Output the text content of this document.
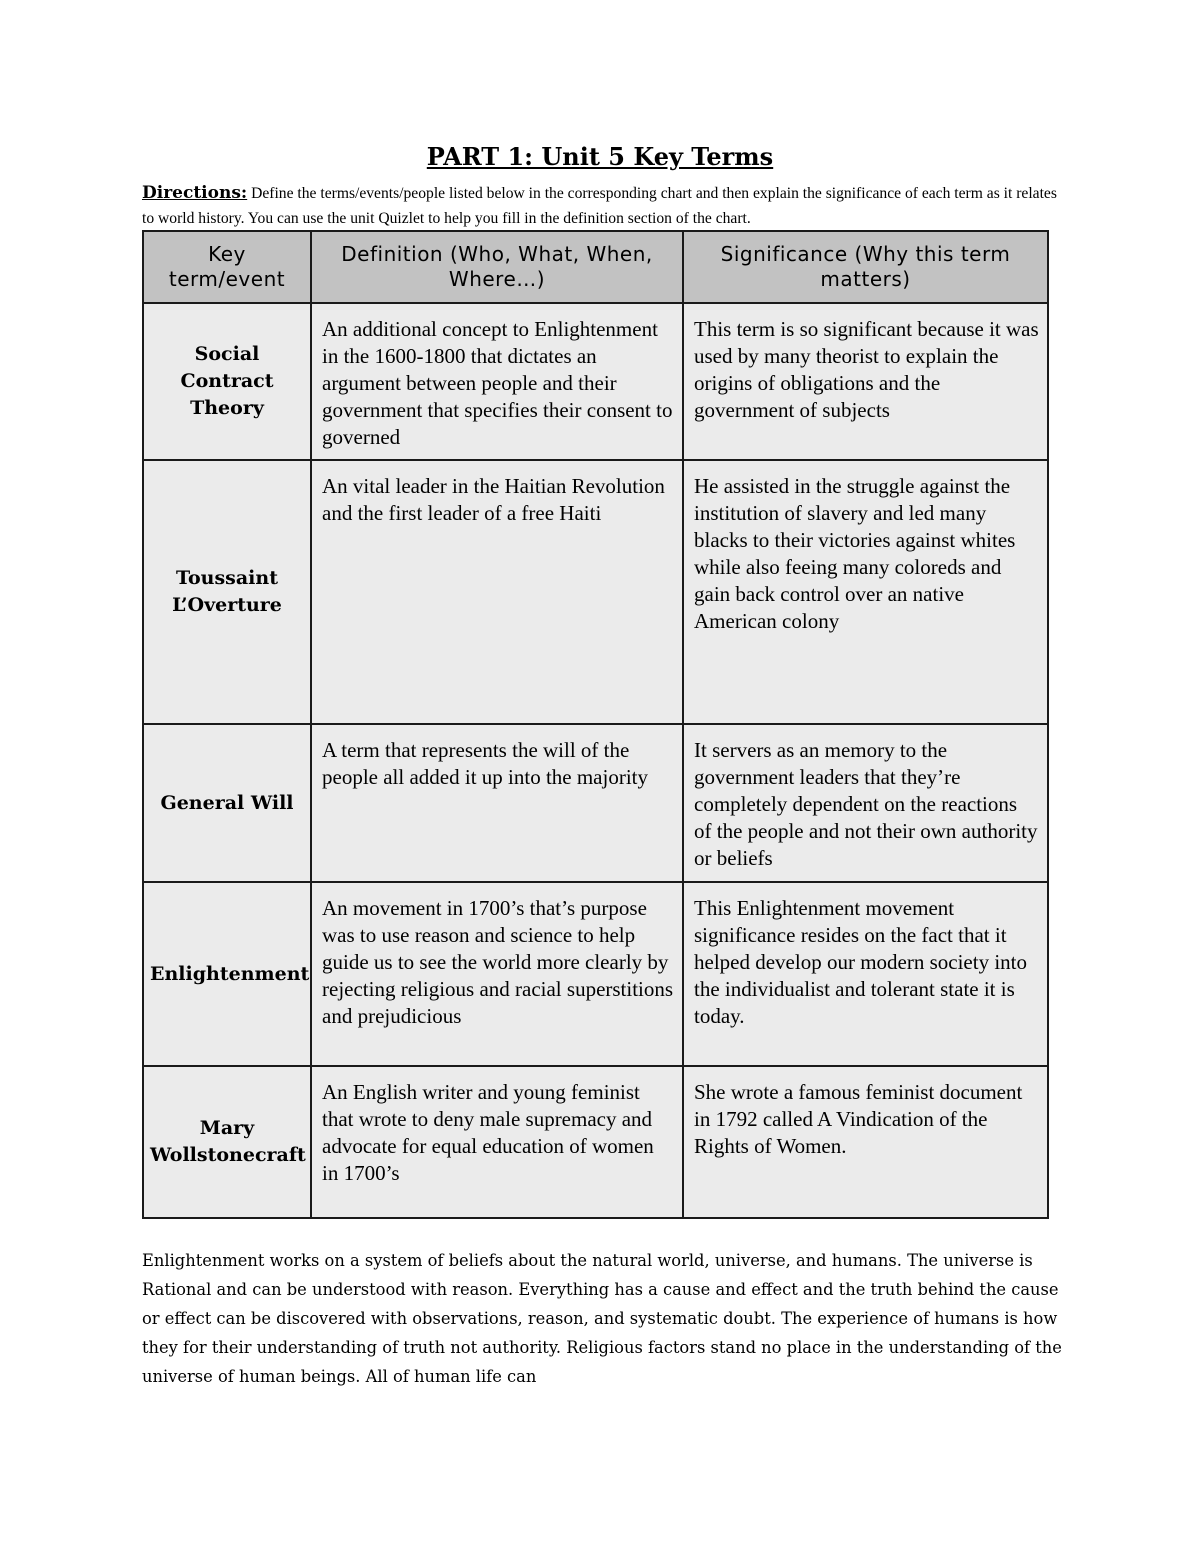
PART 1: Unit 5 Key Terms
Directions: Define the terms/events/people listed below in the corresponding chart and then explain the significance of each term as it relates to world history. You can use the unit Quizlet to help you fill in the definition section of the chart.
Key term/event	Definition (Who, What, When, Where…)	Significance (Why this term matters)
Social Contract Theory	An additional concept to Enlightenment in the 1600-1800 that dictates an argument between people and their government that specifies their consent to governed	This term is so significant because it was used by many theorist to explain the origins of obligations and the government of subjects
Toussaint L’Overture	An vital leader in the Haitian Revolution and the first leader of a free Haiti	He assisted in the struggle against the institution of slavery and led many blacks to their victories against whites while also feeing many coloreds and gain back control over an native American colony
General Will	A term that represents the will of the people all added it up into the majority	It servers as an memory to the government leaders that they’re completely dependent on the reactions of the people and not their own authority or beliefs
Enlightenment	An movement in 1700’s that’s purpose was to use reason and science to help guide us to see the world more clearly by rejecting religious and racial superstitions and prejudicious	This Enlightenment movement significance resides on the fact that it helped develop our modern society into the individualist and tolerant state it is today.
Mary Wollstonecraft	An English writer and young feminist that wrote to deny male supremacy and advocate for equal education of women in 1700’s	She wrote a famous feminist document in 1792 called A Vindication of the Rights of Women.
Enlightenment works on a system of beliefs about the natural world, universe, and humans. The universe is Rational and can be understood with reason. Everything has a cause and effect and the truth behind the cause or effect can be discovered with observations, reason, and systematic doubt. The experience of humans is how they for their understanding of truth not authority. Religious factors stand no place in the understanding of the universe of human beings. All of human life can
